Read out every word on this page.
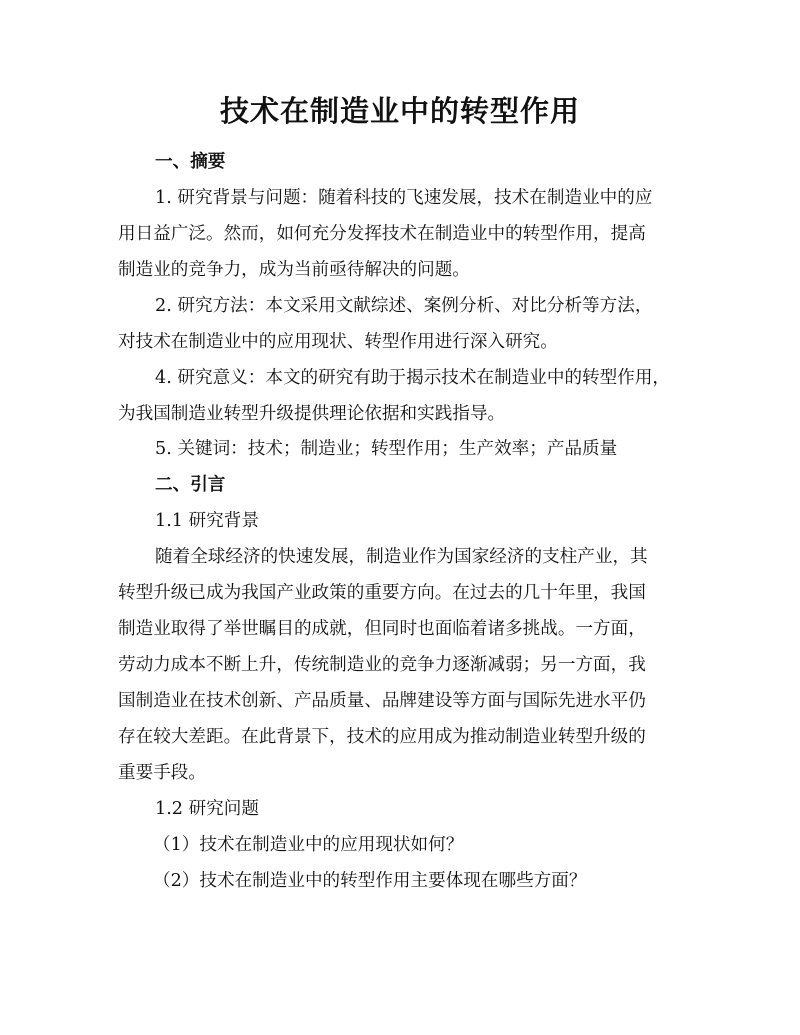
技术在制造业中的转型作用
一、摘要
1. 研究背景与问题：随着科技的飞速发展，技术在制造业中的应
用日益广泛。然而，如何充分发挥技术在制造业中的转型作用，提高
制造业的竞争力，成为当前亟待解决的问题。
2. 研究方法：本文采用文献综述、案例分析、对比分析等方法，
对技术在制造业中的应用现状、转型作用进行深入研究。
4. 研究意义：本文的研究有助于揭示技术在制造业中的转型作用，
为我国制造业转型升级提供理论依据和实践指导。
5. 关键词：技术；制造业；转型作用；生产效率；产品质量
二、引言
1.1 研究背景
随着全球经济的快速发展，制造业作为国家经济的支柱产业，其
转型升级已成为我国产业政策的重要方向。在过去的几十年里，我国
制造业取得了举世瞩目的成就，但同时也面临着诸多挑战。一方面，
劳动力成本不断上升，传统制造业的竞争力逐渐减弱；另一方面，我
国制造业在技术创新、产品质量、品牌建设等方面与国际先进水平仍
存在较大差距。在此背景下，技术的应用成为推动制造业转型升级的
重要手段。
1.2 研究问题
（1）技术在制造业中的应用现状如何？
（2）技术在制造业中的转型作用主要体现在哪些方面？
